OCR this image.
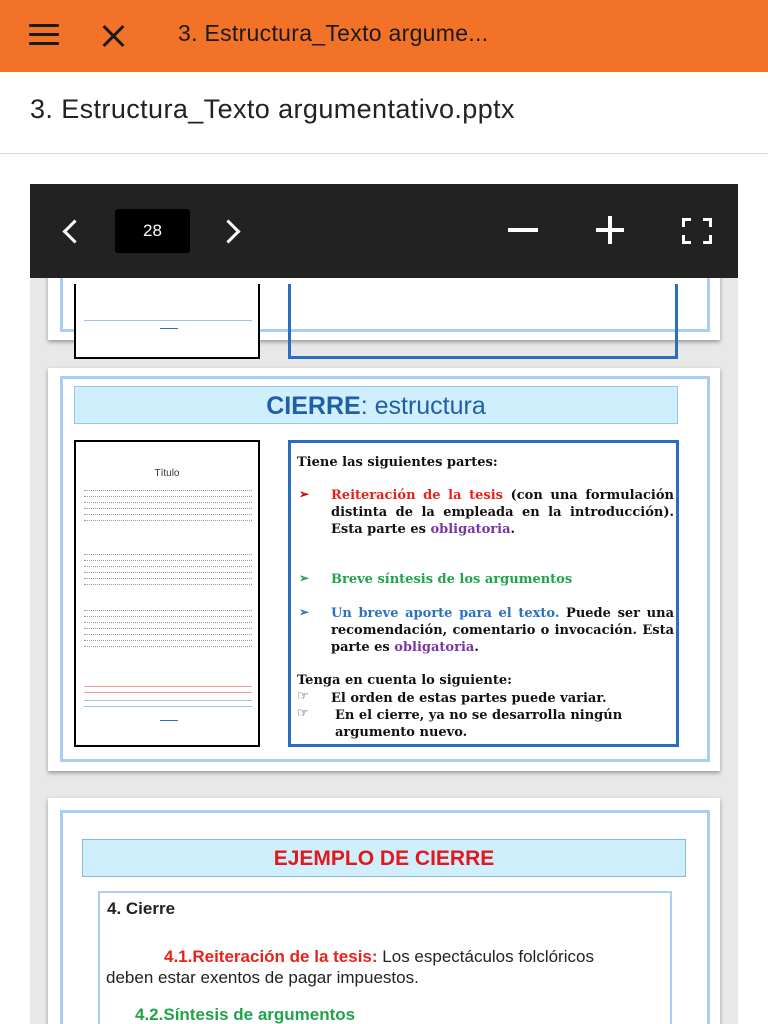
3. Estructura_Texto argume...
3. Estructura_Texto argumentativo.pptx
CIERRE: estructura
Título
Tiene las siguientes partes:
➢ Reiteración de la tesis (con una formulación distinta de la empleada en la introducción). Esta parte es obligatoria.
➢ Breve síntesis de los argumentos
➢ Un breve aporte para el texto. Puede ser una recomendación, comentario o invocación. Esta parte es obligatoria.
Tenga en cuenta lo siguiente:
☞ El orden de estas partes puede variar.
☞ En el cierre, ya no se desarrolla ningún argumento nuevo.
EJEMPLO DE CIERRE
4. Cierre
4.1.Reiteración de la tesis: Los espectáculos folclóricos deben estar exentos de pagar impuestos.
4.2.Síntesis de argumentos
28
